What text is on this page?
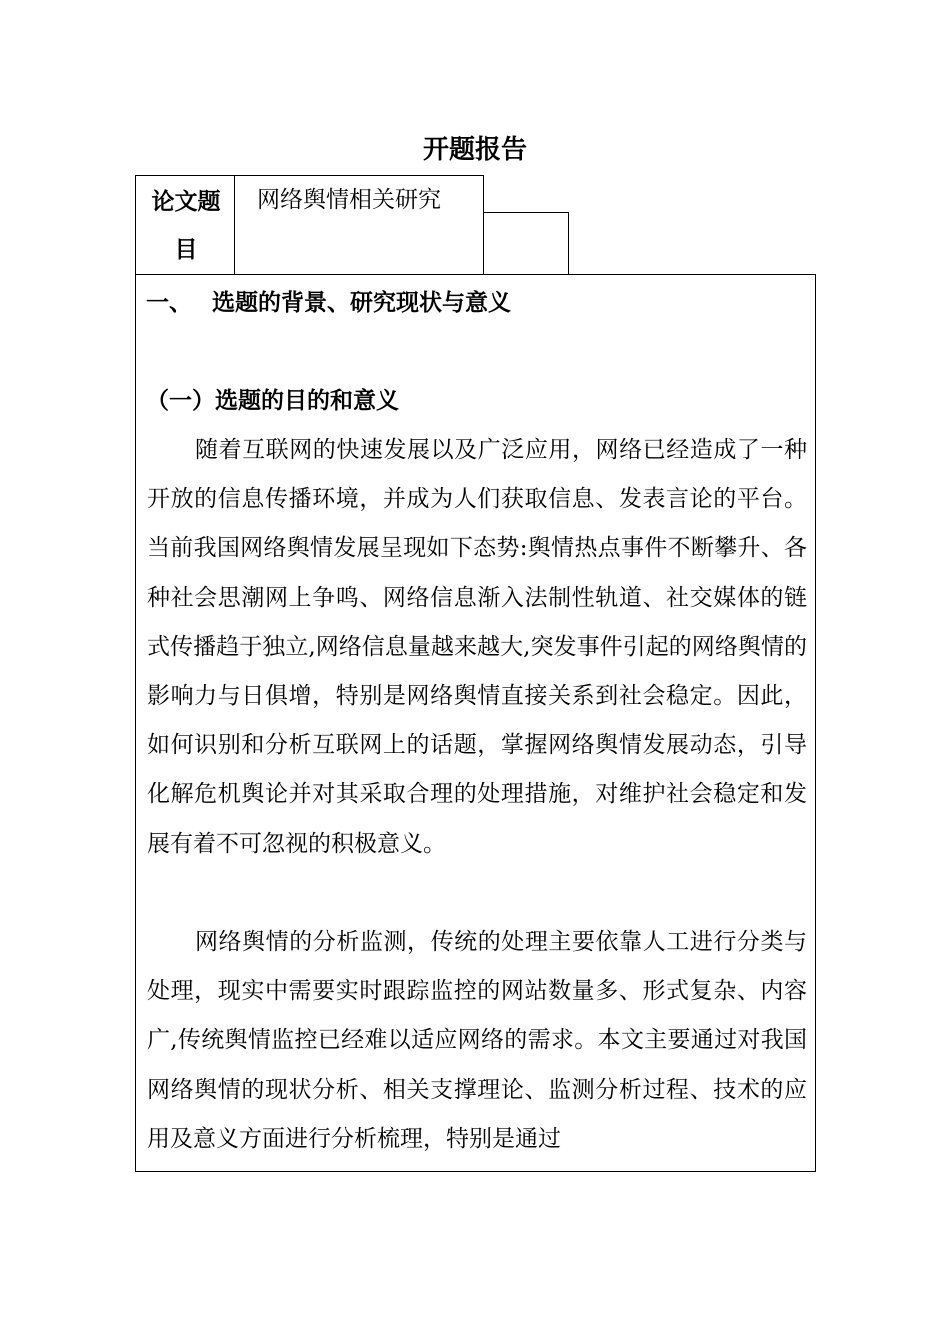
开题报告
论文题目
网络舆情相关研究
一、 选题的背景、研究现状与意义
（一）选题的目的和意义

随着互联网的快速发展以及广泛应用，网络已经造成了一种开放的信息传播环境，并成为人们获取信息、发表言论的平台。当前我国网络舆情发展呈现如下态势:舆情热点事件不断攀升、各种社会思潮网上争鸣、网络信息渐入法制性轨道、社交媒体的链式传播趋于独立,网络信息量越来越大,突发事件引起的网络舆情的影响力与日俱增，特别是网络舆情直接关系到社会稳定。因此，如何识别和分析互联网上的话题，掌握网络舆情发展动态，引导化解危机舆论并对其采取合理的处理措施，对维护社会稳定和发展有着不可忽视的积极意义。

网络舆情的分析监测，传统的处理主要依靠人工进行分类与处理，现实中需要实时跟踪监控的网站数量多、形式复杂、内容广,传统舆情监控已经难以适应网络的需求。本文主要通过对我国网络舆情的现状分析、相关支撑理论、监测分析过程、技术的应用及意义方面进行分析梳理，特别是通过
